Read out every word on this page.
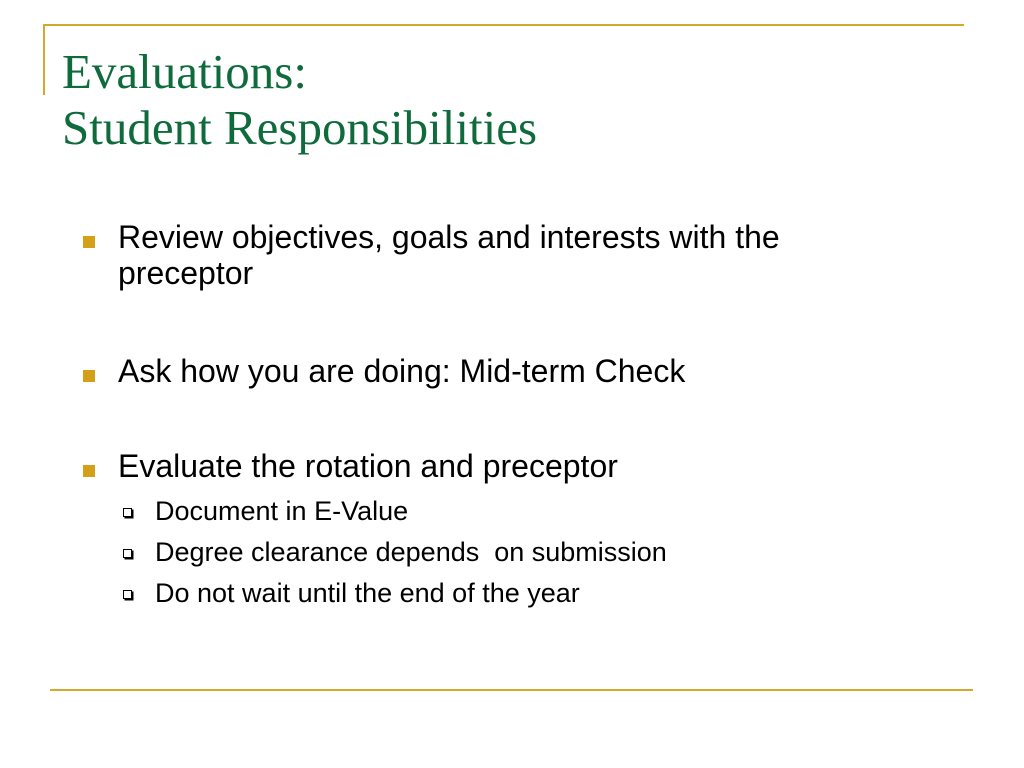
Evaluations:
Student Responsibilities
Review objectives, goals and interests with the preceptor
Ask how you are doing: Mid-term Check
Evaluate the rotation and preceptor
Document in E-Value
Degree clearance depends  on submission
Do not wait until the end of the year
